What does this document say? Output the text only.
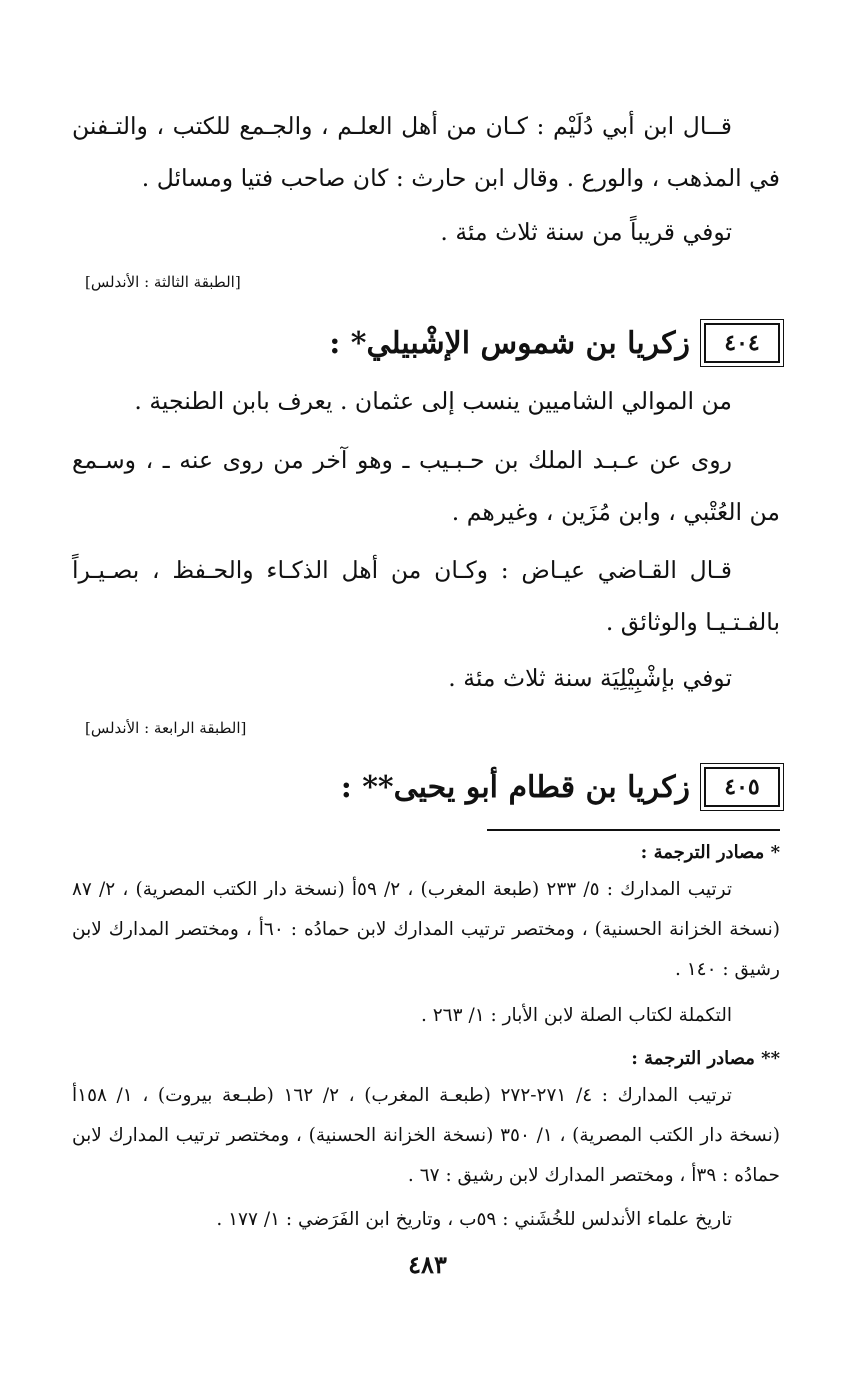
قــال ابن أبي دُلَيْم : كـان من أهل العلـم ، والجـمع للكتب ، والتـفنن في المذهب ، والورع . وقال ابن حارث : كان صاحب فتيا ومسائل .

توفي قريباً من سنة ثلاث مئة .

[الطبقة الثالثة : الأندلس]
٤٠٤
زكريا بن شموس الإشْبيلي* :

من الموالي الشاميين ينسب إلى عثمان . يعرف بابن الطنجية .

روى عن عـبـد الملك بن حـبـيب ـ وهو آخر من روى عنه ـ ، وسـمع من العُتْبي ، وابن مُزَين ، وغيرهم .

قـال القـاضي عيـاض : وكـان من أهل الذكـاء والحـفظ ، بصـيـراً بالفـتـيـا والوثائق .

توفي بإشْبِيْلِيَة سنة ثلاث مئة .

[الطبقة الرابعة : الأندلس]
٤٠٥
زكريا بن قطام أبو يحيى** :
* مصادر الترجمة :

ترتيب المدارك : ٥/ ٢٣٣ (طبعة المغرب) ، ٢/ ٥٩أ (نسخة دار الكتب المصرية) ، ٢/ ٨٧ (نسخة الخزانة الحسنية) ، ومختصر ترتيب المدارك لابن حمادُه : ٦٠أ ، ومختصر المدارك لابن رشيق : ١٤٠ .

التكملة لكتاب الصلة لابن الأبار : ١/ ٢٦٣ .

** مصادر الترجمة :

ترتيب المدارك : ٤/ ٢٧١-٢٧٢ (طبعـة المغرب) ، ٢/ ١٦٢ (طبـعة بيروت) ، ١/ ١٥٨أ (نسخة دار الكتب المصرية) ، ١/ ٣٥٠ (نسخة الخزانة الحسنية) ، ومختصر ترتيب المدارك لابن حمادُه : ٣٩أ ، ومختصر المدارك لابن رشيق : ٦٧ .

تاريخ علماء الأندلس للخُشَني : ٥٩ب ، وتاريخ ابن الفَرَضي : ١/ ١٧٧ .

٤٨٣
